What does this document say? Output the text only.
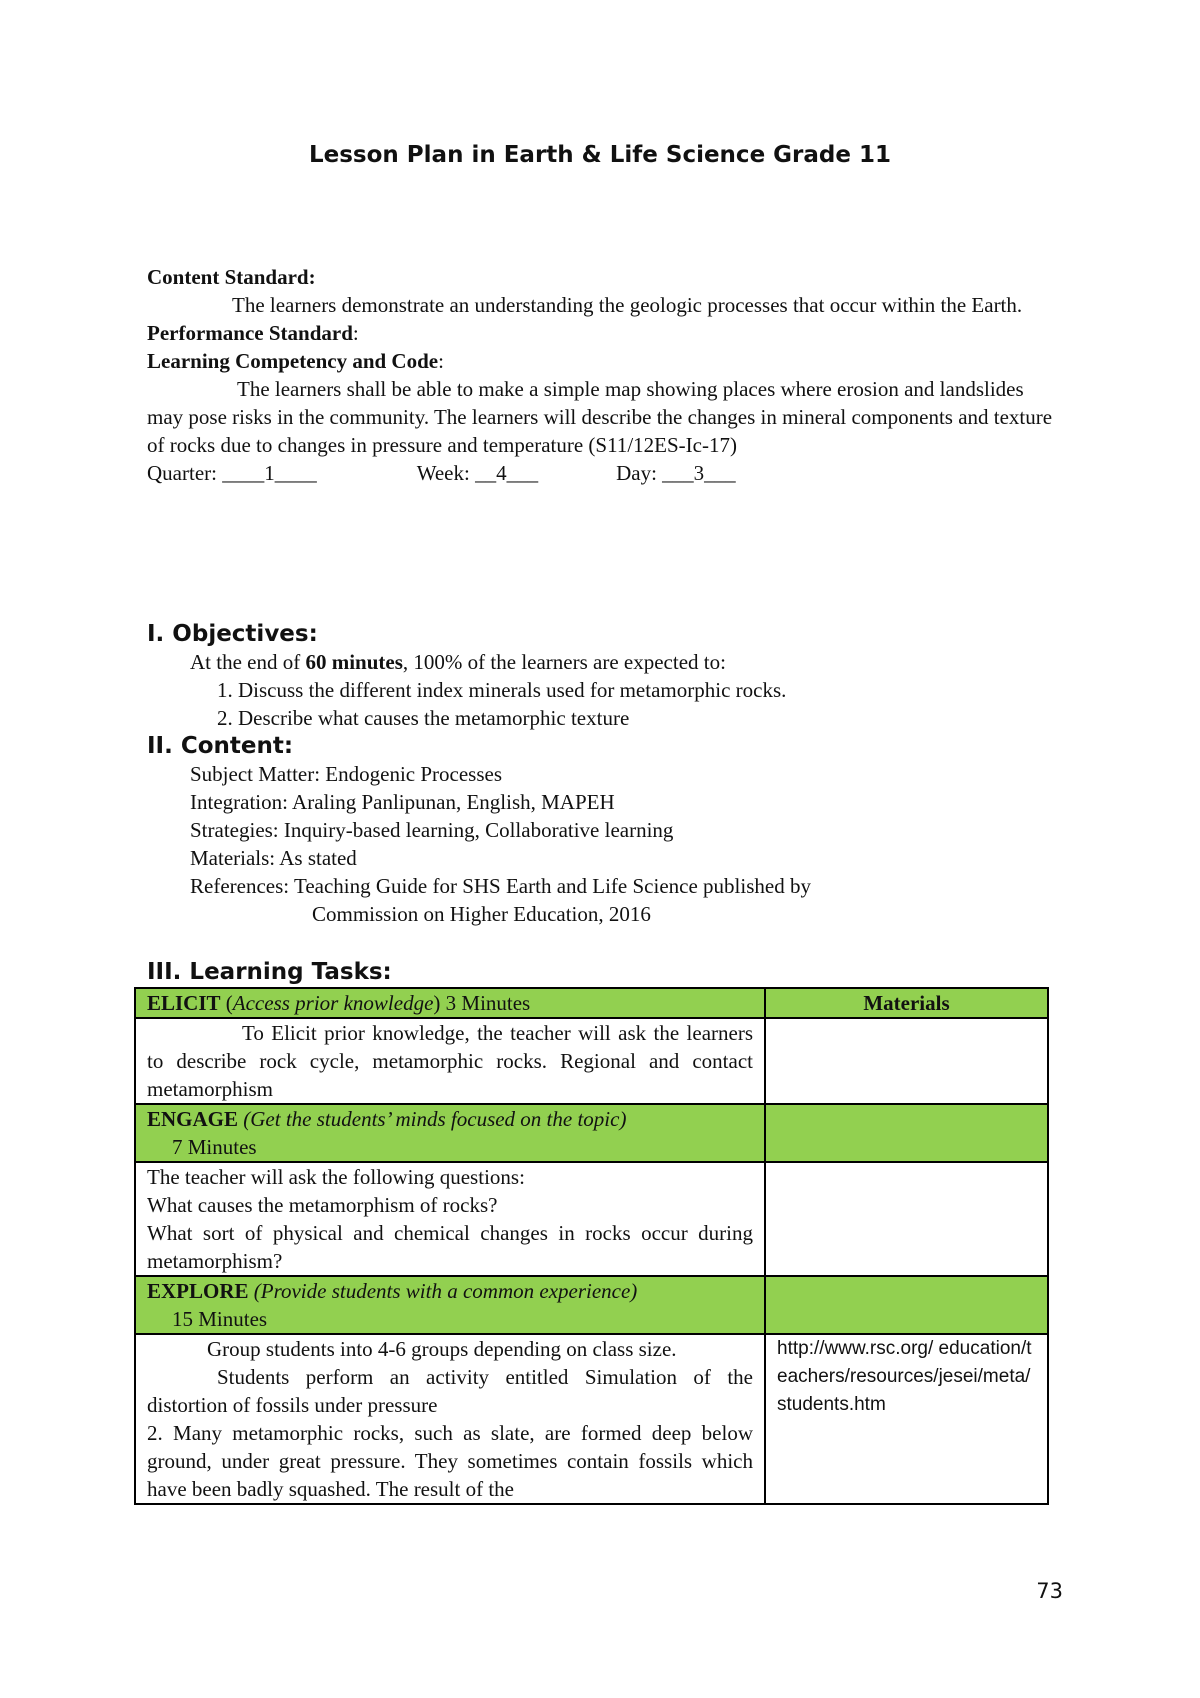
Lesson Plan in Earth & Life Science Grade 11
Content Standard:
The learners demonstrate an understanding the geologic processes that occur within the Earth.
Performance Standard:
Learning Competency and Code:
The learners shall be able to make a simple map showing places where erosion and landslides may pose risks in the community. The learners will describe the changes in mineral components and texture of rocks due to changes in pressure and temperature (S11/12ES-Ic-17)
Quarter: ____1____	Week: __4___	Day: ___3___
I. Objectives:
At the end of 60 minutes, 100% of the learners are expected to:
1. Discuss the different index minerals used for metamorphic rocks.
2. Describe what causes the metamorphic texture
II. Content:
Subject Matter: Endogenic Processes
Integration: Araling Panlipunan, English, MAPEH
Strategies: Inquiry-based learning, Collaborative learning
Materials: As stated
References: Teaching Guide for SHS Earth and Life Science published by
Commission on Higher Education, 2016
III. Learning Tasks:
ELICIT (Access prior knowledge) 3 Minutes	Materials

To Elicit prior knowledge, the teacher will ask the learners to describe rock cycle, metamorphic rocks. Regional and contact metamorphism	

ENGAGE (Get the students’ minds focused on the topic)
7 Minutes	

The teacher will ask the following questions:
What causes the metamorphism of rocks?
What sort of physical and chemical changes in rocks occur during metamorphism?	

EXPLORE (Provide students with a common experience)
15 Minutes	

Group students into 4-6 groups depending on class size.
Students perform an activity entitled Simulation of the distortion of fossils under pressure
2. Many metamorphic rocks, such as slate, are formed deep below ground, under great pressure. They sometimes contain fossils which have been badly squashed. The result of the	http://www.rsc.org/ education/teachers/resources/jesei/meta/students.htm
73
